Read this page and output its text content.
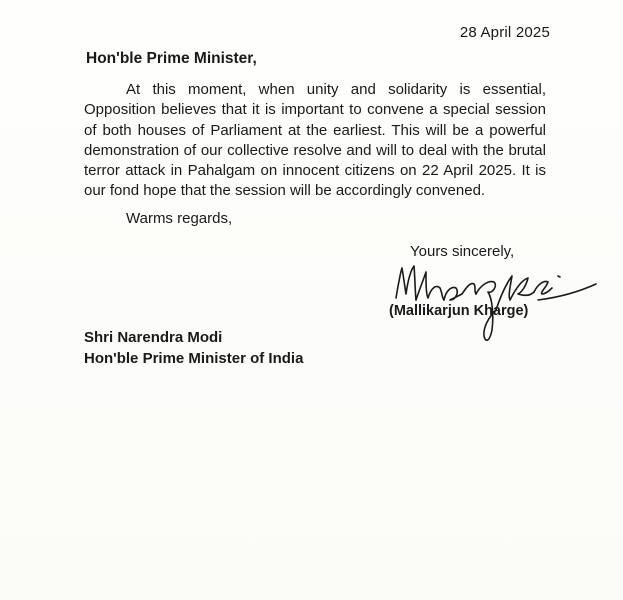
28 April 2025
Hon'ble Prime Minister,
At this moment, when unity and solidarity is essential,
Opposition believes that it is important to convene a special session
of both houses of Parliament at the earliest. This will be a powerful
demonstration of our collective resolve and will to deal with the brutal
terror attack in Pahalgam on innocent citizens on 22 April 2025. It is
our fond hope that the session will be accordingly convened.
Warms regards,
Yours sincerely,
(Mallikarjun Kharge)
Shri Narendra Modi
Hon'ble Prime Minister of India
